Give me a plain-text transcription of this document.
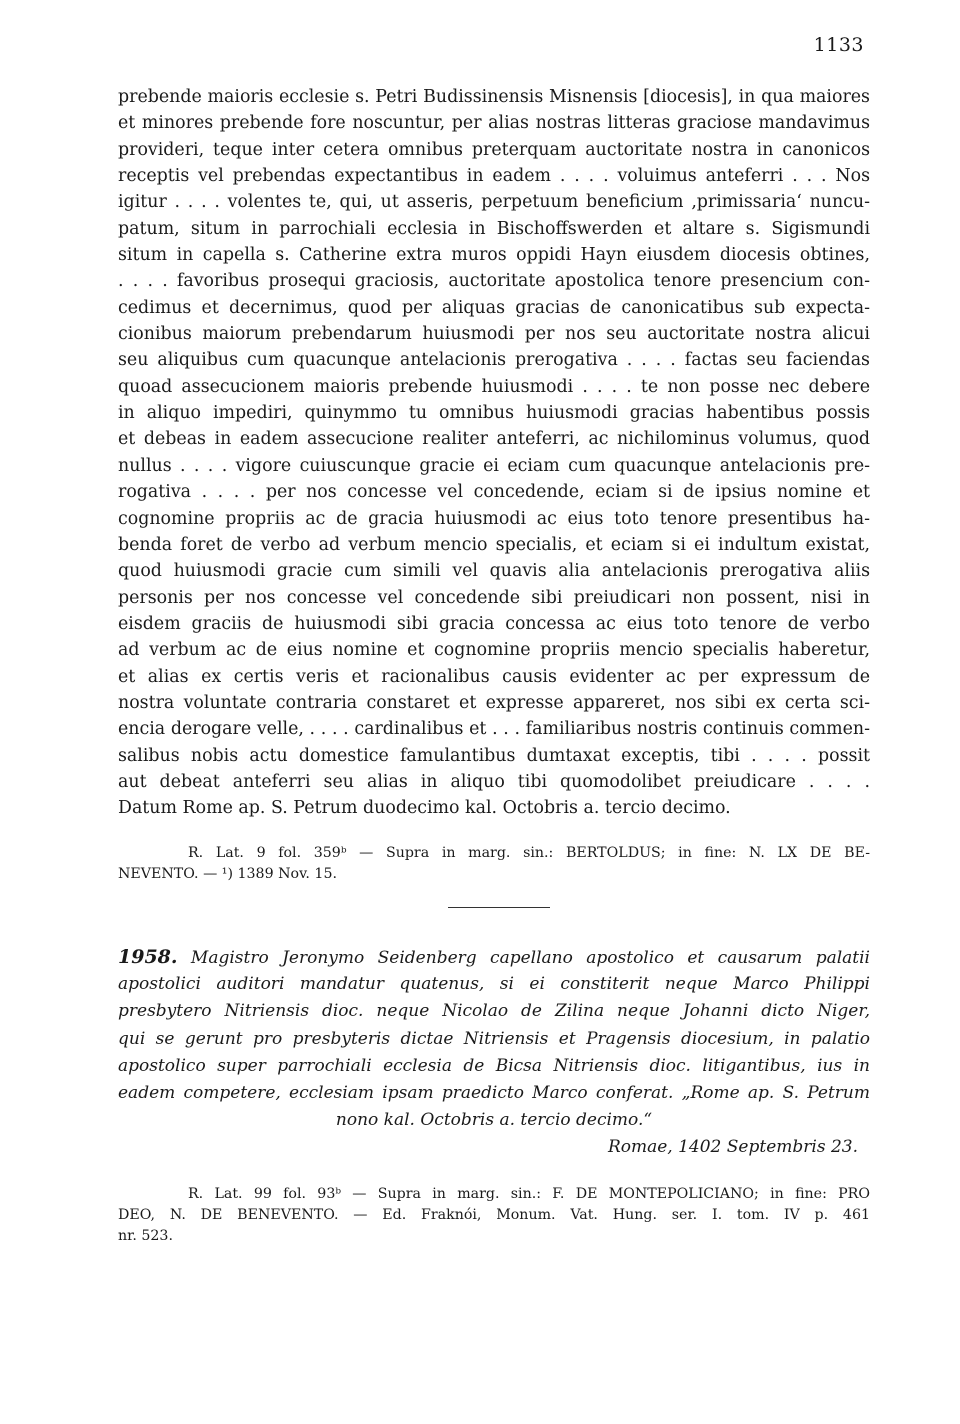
1133
prebende maioris ecclesie s. Petri Budissinensis Misnensis [diocesis], in qua maiores
et minores prebende fore noscuntur, per alias nostras litteras graciose mandavimus
provideri, teque inter cetera omnibus preterquam auctoritate nostra in canonicos
receptis vel prebendas expectantibus in eadem . . . . voluimus anteferri . . . Nos
igitur . . . . volentes te, qui, ut asseris, perpetuum beneficium ‚primissaria‘ nuncu-
patum, situm in parrochiali ecclesia in Bischoffswerden et altare s. Sigismundi
situm in capella s. Catherine extra muros oppidi Hayn eiusdem diocesis obtines,
. . . . favoribus prosequi graciosis, auctoritate apostolica tenore presencium con-
cedimus et decernimus, quod per aliquas gracias de canonicatibus sub expecta-
cionibus maiorum prebendarum huiusmodi per nos seu auctoritate nostra alicui
seu aliquibus cum quacunque antelacionis prerogativa . . . . factas seu faciendas
quoad assecucionem maioris prebende huiusmodi . . . . te non posse nec debere
in aliquo impediri, quinymmo tu omnibus huiusmodi gracias habentibus possis
et debeas in eadem assecucione realiter anteferri, ac nichilominus volumus, quod
nullus . . . . vigore cuiuscunque gracie ei eciam cum quacunque antelacionis pre-
rogativa . . . . per nos concesse vel concedende, eciam si de ipsius nomine et
cognomine propriis ac de gracia huiusmodi ac eius toto tenore presentibus ha-
benda foret de verbo ad verbum mencio specialis, et eciam si ei indultum existat,
quod huiusmodi gracie cum simili vel quavis alia antelacionis prerogativa aliis
personis per nos concesse vel concedende sibi preiudicari non possent, nisi in
eisdem graciis de huiusmodi sibi gracia concessa ac eius toto tenore de verbo
ad verbum ac de eius nomine et cognomine propriis mencio specialis haberetur,
et alias ex certis veris et racionalibus causis evidenter ac per expressum de
nostra voluntate contraria constaret et expresse appareret, nos sibi ex certa sci-
encia derogare velle, . . . . cardinalibus et . . . familiaribus nostris continuis commen-
salibus nobis actu domestice famulantibus dumtaxat exceptis, tibi . . . . possit
aut debeat anteferri seu alias in aliquo tibi quomodolibet preiudicare . . . .
Datum Rome ap. S. Petrum duodecimo kal. Octobris a. tercio decimo.
R. Lat. 9 fol. 359ᵇ — Supra in marg. sin.: BERTOLDUS; in fine: N. LX DE BE-
NEVENTO. — ¹) 1389 Nov. 15.
1958. Magistro Jeronymo Seidenberg capellano apostolico et causarum palatii
apostolici auditori mandatur quatenus, si ei constiterit neque Marco Philippi
presbytero Nitriensis dioc. neque Nicolao de Zilina neque Johanni dicto Niger,
qui se gerunt pro presbyteris dictae Nitriensis et Pragensis diocesium, in palatio
apostolico super parrochiali ecclesia de Bicsa Nitriensis dioc. litigantibus, ius in
eadem competere, ecclesiam ipsam praedicto Marco conferat. „Rome ap. S. Petrum
nono kal. Octobris a. tercio decimo.“
Romae, 1402 Septembris 23.
R. Lat. 99 fol. 93ᵇ — Supra in marg. sin.: F. DE MONTEPOLICIANO; in fine: PRO
DEO, N. DE BENEVENTO. — Ed. Fraknói, Monum. Vat. Hung. ser. I. tom. IV p. 461
nr. 523.
